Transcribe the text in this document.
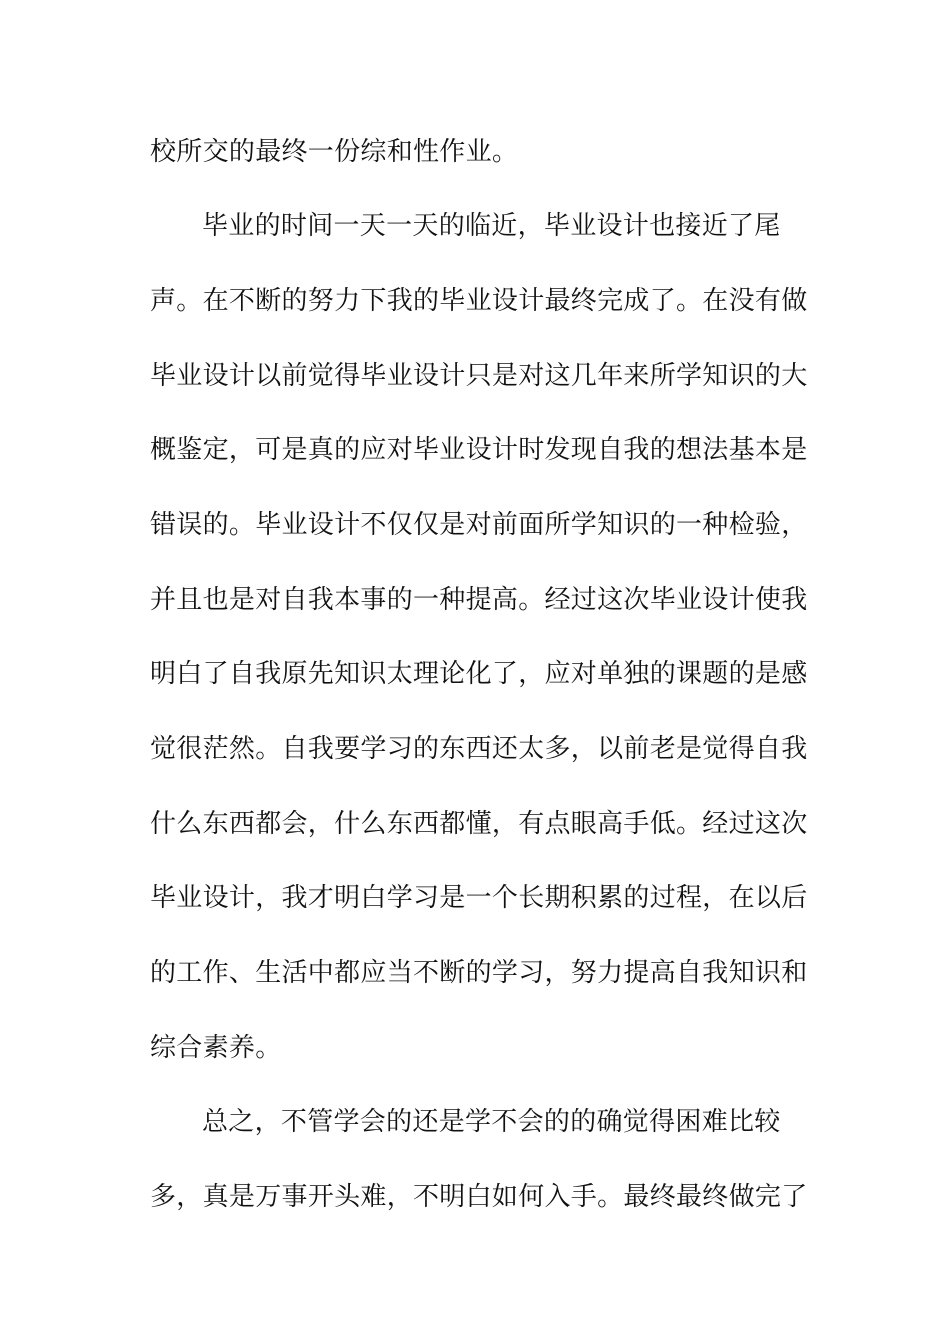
校所交的最终一份综和性作业。
毕业的时间一天一天的临近，毕业设计也接近了尾
声。在不断的努力下我的毕业设计最终完成了。在没有做
毕业设计以前觉得毕业设计只是对这几年来所学知识的大
概鉴定，可是真的应对毕业设计时发现自我的想法基本是
错误的。毕业设计不仅仅是对前面所学知识的一种检验，
并且也是对自我本事的一种提高。经过这次毕业设计使我
明白了自我原先知识太理论化了，应对单独的课题的是感
觉很茫然。自我要学习的东西还太多，以前老是觉得自我
什么东西都会，什么东西都懂，有点眼高手低。经过这次
毕业设计，我才明白学习是一个长期积累的过程，在以后
的工作、生活中都应当不断的学习，努力提高自我知识和
综合素养。
总之，不管学会的还是学不会的的确觉得困难比较
多，真是万事开头难，不明白如何入手。最终最终做完了
